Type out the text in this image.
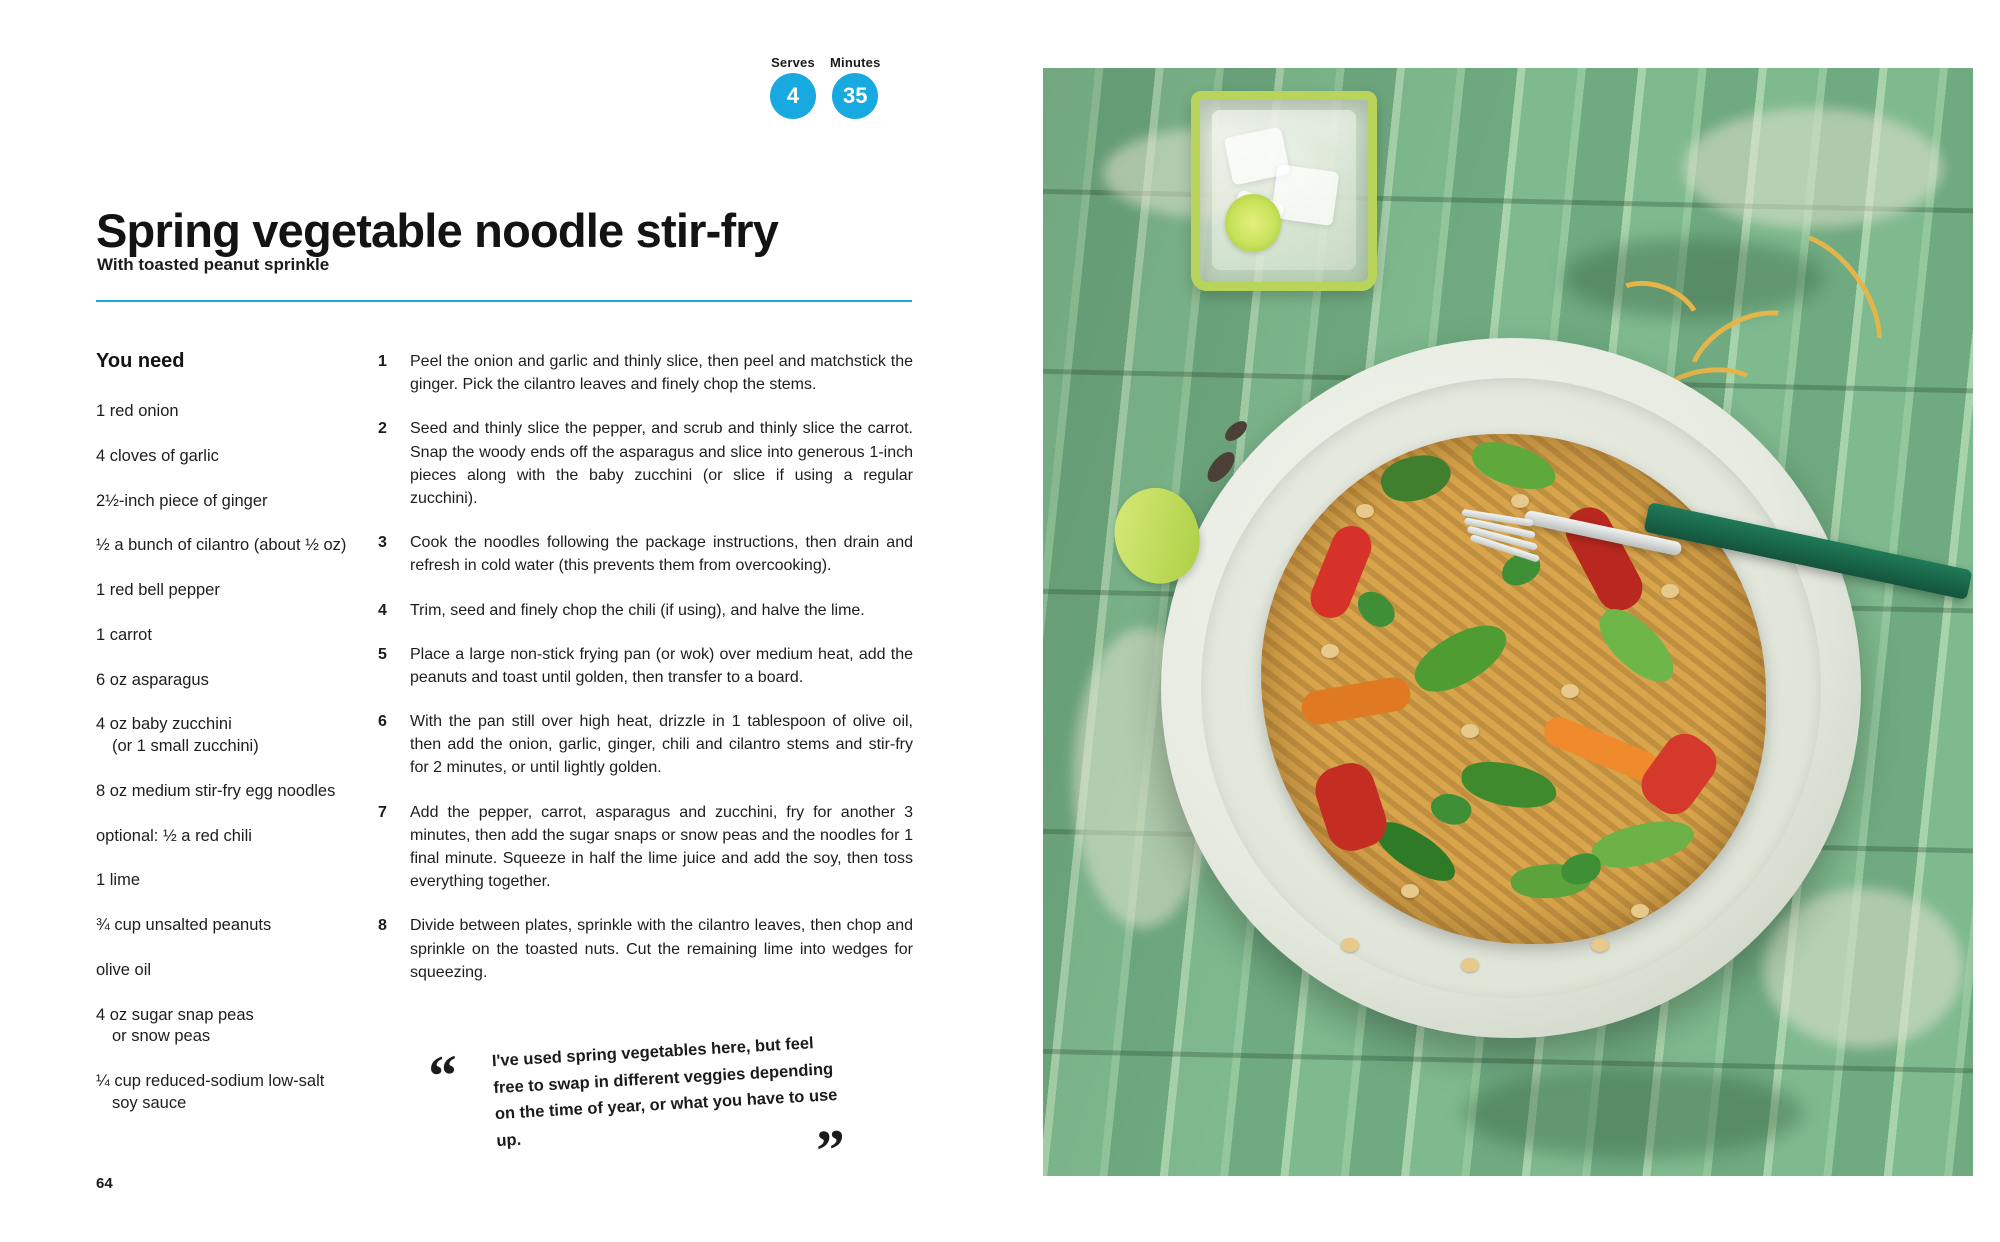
Serves
4
Minutes
35
Spring vegetable noodle stir-fry
With toasted peanut sprinkle
You need
1 red onion
4 cloves of garlic
2½-inch piece of ginger
½ a bunch of cilantro (about ½ oz)
1 red bell pepper
1 carrot
6 oz asparagus
4 oz baby zucchini
(or 1 small zucchini)
8 oz medium stir-fry egg noodles
optional: ½ a red chili
1 lime
¾ cup unsalted peanuts
olive oil
4 oz sugar snap peas
or snow peas
¼ cup reduced-sodium low-salt
soy sauce
1	Peel the onion and garlic and thinly slice, then peel and matchstick the ginger. Pick the cilantro leaves and finely chop the stems.
2	Seed and thinly slice the pepper, and scrub and thinly slice the carrot. Snap the woody ends off the asparagus and slice into generous 1-inch pieces along with the baby zucchini (or slice if using a regular zucchini).
3	Cook the noodles following the package instructions, then drain and refresh in cold water (this prevents them from overcooking).
4	Trim, seed and finely chop the chili (if using), and halve the lime.
5	Place a large non-stick frying pan (or wok) over medium heat, add the peanuts and toast until golden, then transfer to a board.
6	With the pan still over high heat, drizzle in 1 tablespoon of olive oil, then add the onion, garlic, ginger, chili and cilantro stems and stir-fry for 2 minutes, or until lightly golden.
7	Add the pepper, carrot, asparagus and zucchini, fry for another 3 minutes, then add the sugar snaps or snow peas and the noodles for 1 final minute. Squeeze in half the lime juice and add the soy, then toss everything together.
8	Divide between plates, sprinkle with the cilantro leaves, then chop and sprinkle on the toasted nuts. Cut the remaining lime into wedges for squeezing.
“ I've used spring vegetables here, but feel free to swap in different veggies depending on the time of year, or what you have to use up.	”
64
